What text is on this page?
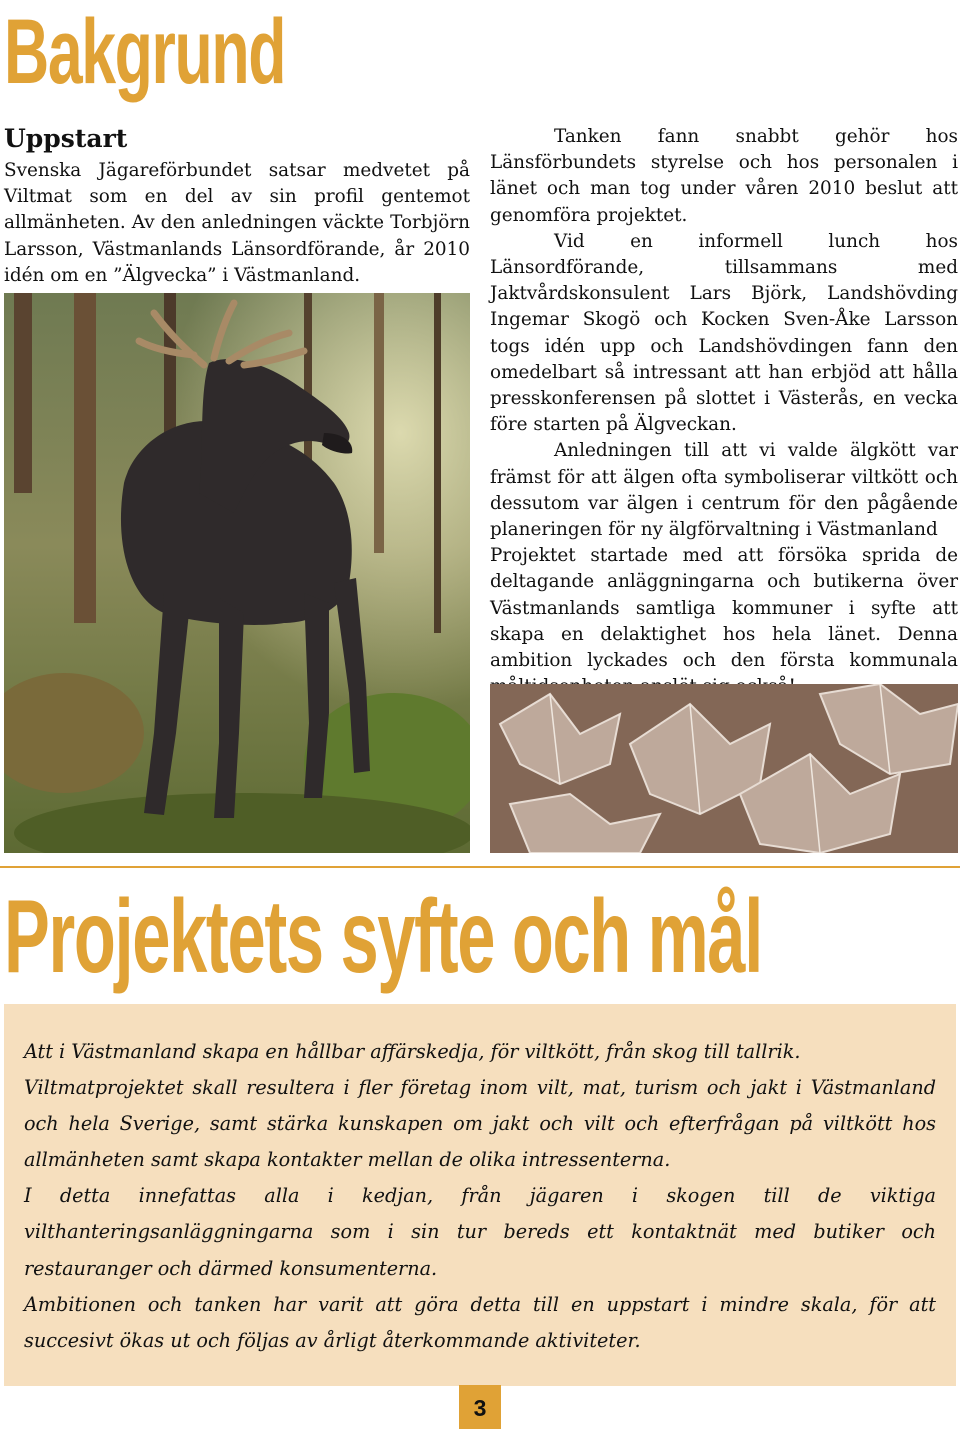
Bakgrund
Uppstart

Svenska Jägareförbundet satsar medvetet på Viltmat som en del av sin profil gentemot allmänheten. Av den anledningen väckte Torbjörn Larsson, Västmanlands Länsordförande, år 2010 idén om en ”Älgvecka” i Västmanland.

Tanken fann snabbt gehör hos Länsförbundets styrelse och hos personalen i länet och man tog under våren 2010 beslut att genomföra projektet.

Vid en informell lunch hos Länsordförande, tillsammans med Jaktvårdskonsulent Lars Björk, Landshövding Ingemar Skogö och Kocken Sven-Åke Larsson togs idén upp och Landshövdingen fann den omedelbart så intressant att han erbjöd att hålla presskonferensen på slottet i Västerås, en vecka före starten på Älgveckan.

Anledningen till att vi valde älgkött var främst för att älgen ofta symboliserar viltkött och dessutom var älgen i centrum för den pågående planeringen för ny älgförvaltning i Västmanland

Projektet startade med att försöka sprida de deltagande anläggningarna och butikerna över Västmanlands samtliga kommuner i syfte att skapa en delaktighet hos hela länet. Denna ambition lyckades och den första kommunala

Projektets syfte och mål

Att i Västmanland skapa en hållbar affärskedja, för viltkött, från skog till tallrik.

Viltmatprojektet skall resultera i fler företag inom vilt, mat, turism och jakt i Västmanland och hela Sverige, samt stärka kunskapen om jakt och vilt och efterfrågan på viltkött hos allmänheten samt skapa kontakter mellan de olika intressenterna.

I detta innefattas alla i kedjan, från jägaren i skogen till de viktiga vilthanteringsanläggningarna som i sin tur bereds ett kontaktnät med butiker och restauranger och därmed konsumenterna.

Ambitionen och tanken har varit att göra detta till en uppstart i mindre skala, för att succesivt ökas ut och följas av årligt återkommande aktiviteter.

3
